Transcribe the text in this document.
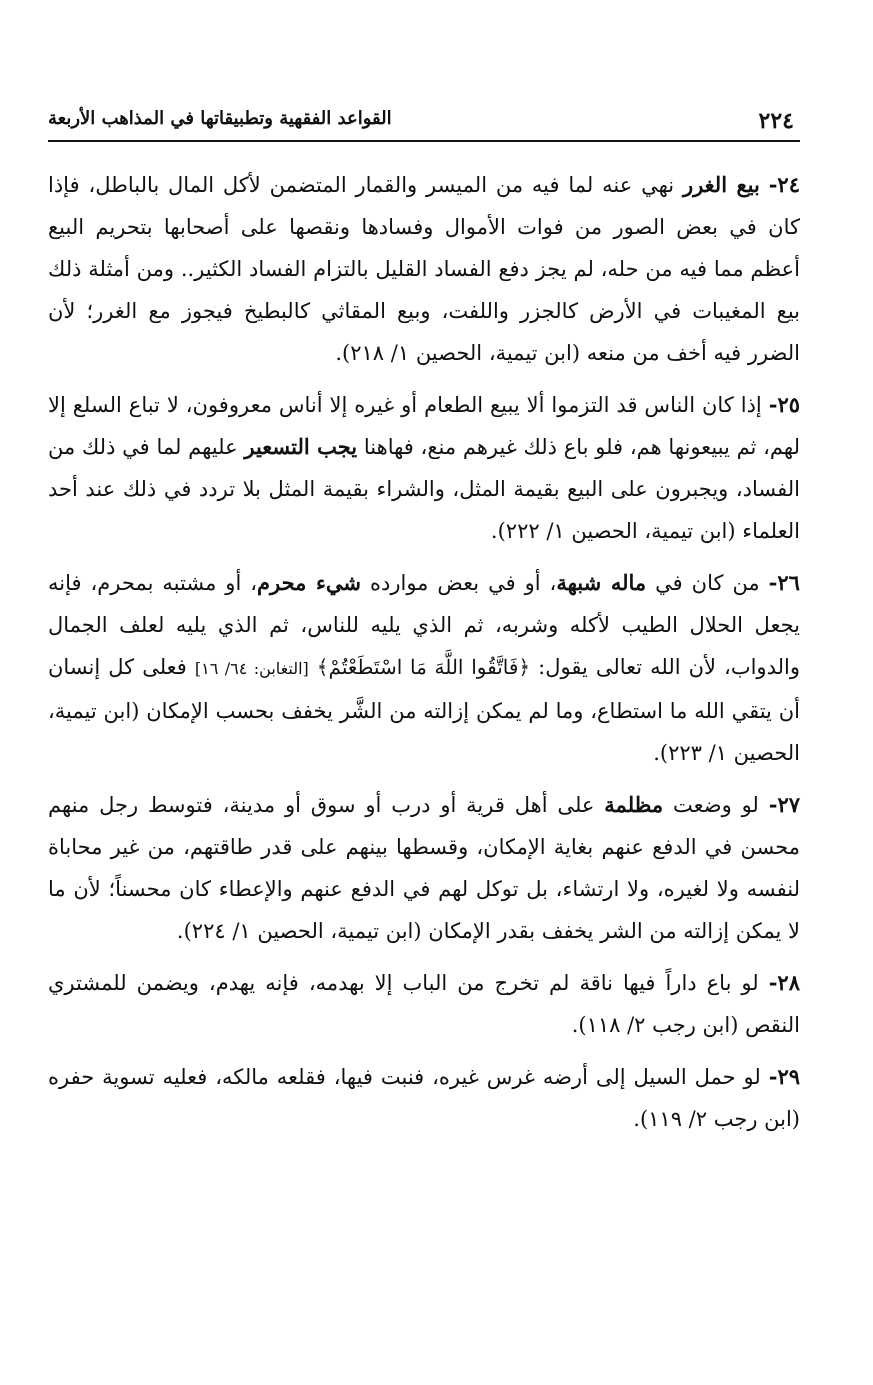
٢٢٤
القواعد الفقهية وتطبيقاتها في المذاهب الأربعة

٢٤- بيع الغرر نهي عنه لما فيه من الميسر والقمار المتضمن لأكل المال بالباطل، فإذا كان في بعض الصور من فوات الأموال وفسادها ونقصها على أصحابها بتحريم البيع أعظم مما فيه من حله، لم يجز دفع الفساد القليل بالتزام الفساد الكثير.. ومن أمثلة ذلك بيع المغيبات في الأرض كالجزر واللفت، وبيع المقاثي كالبطيخ فيجوز مع الغرر؛ لأن الضرر فيه أخف من منعه (ابن تيمية، الحصين ١/ ٢١٨).

٢٥- إذا كان الناس قد التزموا ألا يبيع الطعام أو غيره إلا أناس معروفون، لا تباع السلع إلا لهم، ثم يبيعونها هم، فلو باع ذلك غيرهم منع، فهاهنا يجب التسعير عليهم لما في ذلك من الفساد، ويجبرون على البيع بقيمة المثل، والشراء بقيمة المثل بلا تردد في ذلك عند أحد العلماء (ابن تيمية، الحصين ١/ ٢٢٢).

٢٦- من كان في ماله شبهة، أو في بعض موارده شيء محرم، أو مشتبه بمحرم، فإنه يجعل الحلال الطيب لأكله وشربه، ثم الذي يليه للناس، ثم الذي يليه لعلف الجمال والدواب، لأن الله تعالى يقول: ﴿فَاتَّقُوا اللَّهَ مَا اسْتَطَعْتُمْ﴾ [التغابن: ٦٤/ ١٦] فعلى كل إنسان أن يتقي الله ما استطاع، وما لم يمكن إزالته من الشَّر يخفف بحسب الإمكان (ابن تيمية، الحصين ١/ ٢٢٣).

٢٧- لو وضعت مظلمة على أهل قرية أو درب أو سوق أو مدينة، فتوسط رجل منهم محسن في الدفع عنهم بغاية الإمكان، وقسطها بينهم على قدر طاقتهم، من غير محاباة لنفسه ولا لغيره، ولا ارتشاء، بل توكل لهم في الدفع عنهم والإعطاء كان محسناً؛ لأن ما لا يمكن إزالته من الشر يخفف بقدر الإمكان (ابن تيمية، الحصين ١/ ٢٢٤).

٢٨- لو باع داراً فيها ناقة لم تخرج من الباب إلا بهدمه، فإنه يهدم، ويضمن للمشتري النقص (ابن رجب ٢/ ١١٨).

٢٩- لو حمل السيل إلى أرضه غرس غيره، فنبت فيها، فقلعه مالكه، فعليه تسوية حفره (ابن رجب ٢/ ١١٩).
